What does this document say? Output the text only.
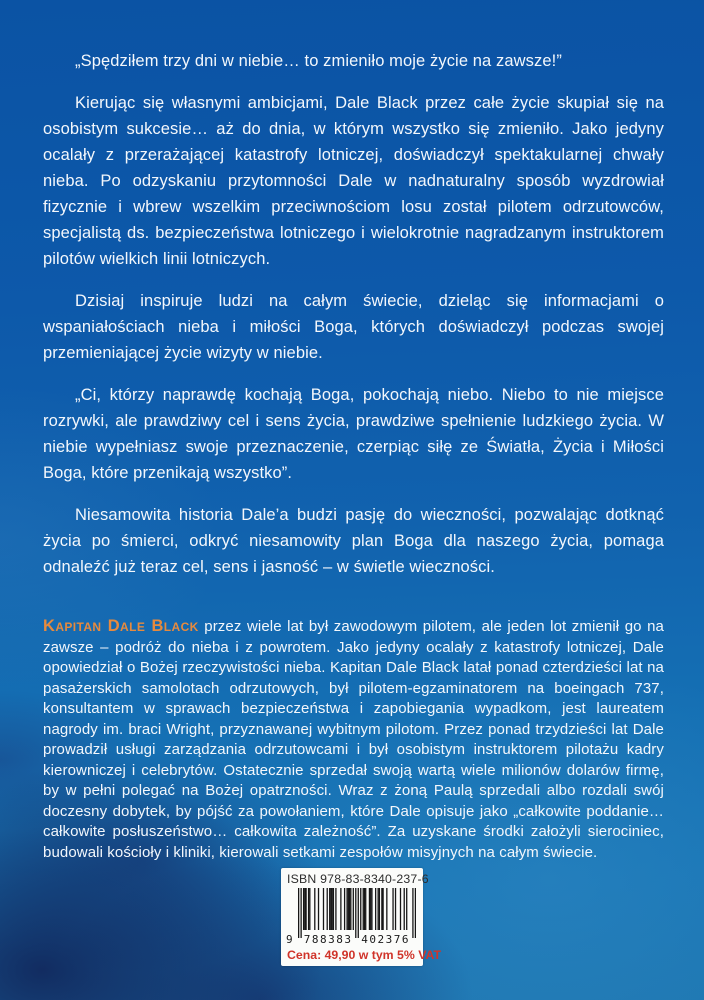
„Spędziłem trzy dni w niebie… to zmieniło moje życie na zawsze!”

Kierując się własnymi ambicjami, Dale Black przez całe życie skupiał się na osobistym sukcesie… aż do dnia, w którym wszystko się zmieniło. Jako jedyny ocalały z przerażającej katastrofy lotniczej, doświadczył spektakularnej chwały nieba. Po odzyskaniu przytomności Dale w nadnaturalny sposób wyzdrowiał fizycznie i wbrew wszelkim przeciwnościom losu został pilotem odrzutowców, specjalistą ds. bezpieczeństwa lotniczego i wielokrotnie nagradzanym instruktorem pilotów wielkich linii lotniczych.

Dzisiaj inspiruje ludzi na całym świecie, dzieląc się informacjami o wspaniałościach nieba i miłości Boga, których doświadczył podczas swojej przemieniającej życie wizyty w niebie.

„Ci, którzy naprawdę kochają Boga, pokochają niebo. Niebo to nie miejsce rozrywki, ale prawdziwy cel i sens życia, prawdziwe spełnienie ludzkiego życia. W niebie wypełniasz swoje przeznaczenie, czerpiąc siłę ze Światła, Życia i Miłości Boga, które przenikają wszystko”.

Niesamowita historia Dale’a budzi pasję do wieczności, pozwalając dotknąć życia po śmierci, odkryć niesamowity plan Boga dla naszego życia, pomaga odnaleźć już teraz cel, sens i jasność – w świetle wieczności.

Kapitan Dale Black przez wiele lat był zawodowym pilotem, ale jeden lot zmienił go na zawsze – podróż do nieba i z powrotem. Jako jedyny ocalały z katastrofy lotniczej, Dale opowiedział o Bożej rzeczywistości nieba. Kapitan Dale Black latał ponad czterdzieści lat na pasażerskich samolotach odrzutowych, był pilotem-egzaminatorem na boeingach 737, konsultantem w sprawach bezpieczeństwa i zapobiegania wypadkom, jest laureatem nagrody im. braci Wright, przyznawanej wybitnym pilotom. Przez ponad trzydzieści lat Dale prowadził usługi zarządzania odrzutowcami i był osobistym instruktorem pilotażu kadry kierowniczej i celebrytów. Ostatecznie sprzedał swoją wartą wiele milionów dolarów firmę, by w pełni polegać na Bożej opatrzności. Wraz z żoną Paulą sprzedali albo rozdali swój doczesny dobytek, by pójść za powołaniem, które Dale opisuje jako „całkowite poddanie… całkowite posłuszeństwo… całkowita zależność”. Za uzyskane środki założyli sierociniec, budowali kościoły i kliniki, kierowali setkami zespołów misyjnych na całym świecie.

ISBN 978-83-8340-237-6
9 788383 402376
Cena: 49,90 w tym 5% VAT
